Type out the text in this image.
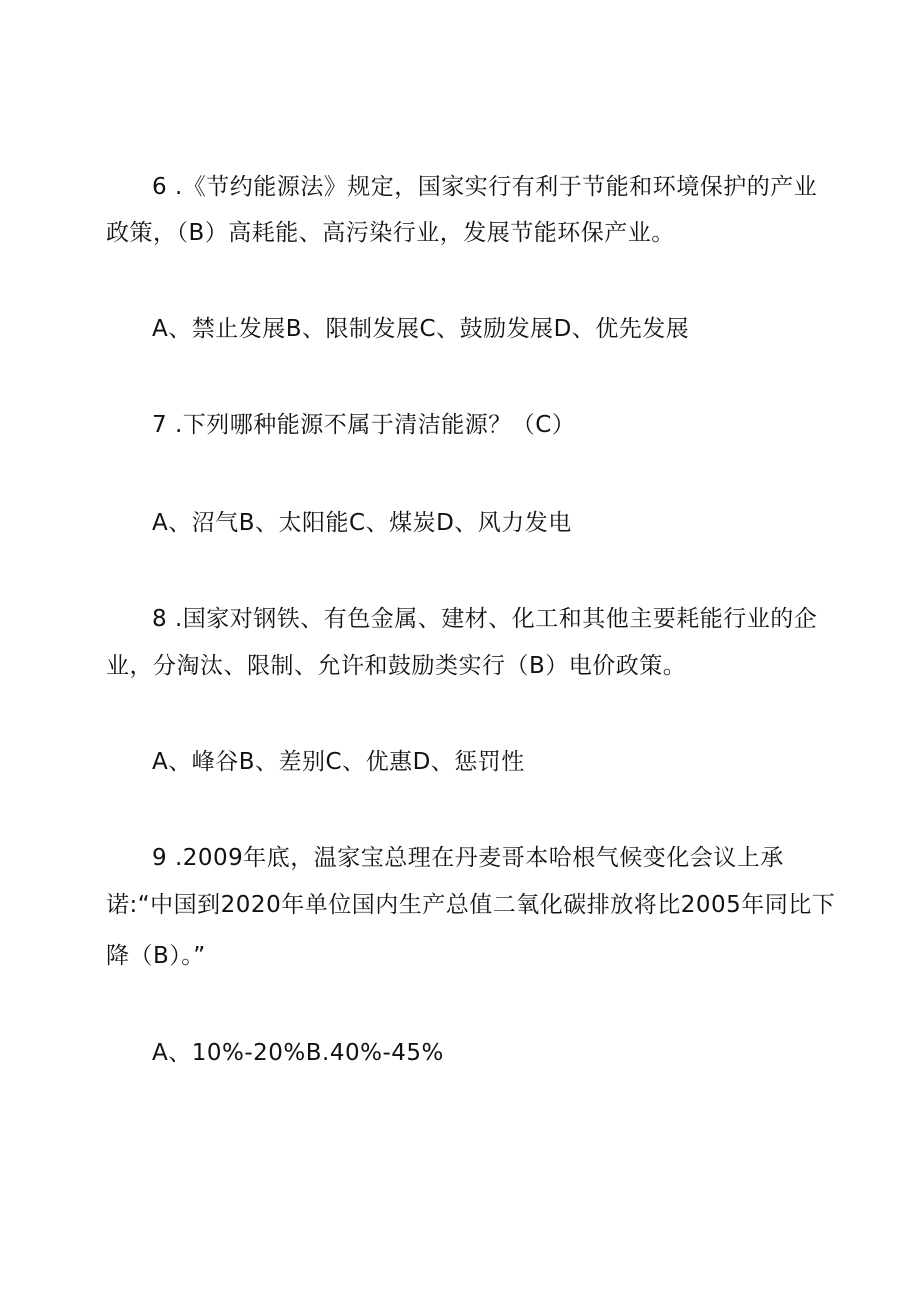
6 .《节约能源法》规定，国家实行有利于节能和环境保护的产业
政策，（B）高耗能、高污染行业，发展节能环保产业。
A、禁止发展B、限制发展C、鼓励发展D、优先发展
7 .下列哪种能源不属于清洁能源？（C）
A、沼气B、太阳能C、煤炭D、风力发电
8 .国家对钢铁、有色金属、建材、化工和其他主要耗能行业的企
业，分淘汰、限制、允许和鼓励类实行（B）电价政策。
A、峰谷B、差别C、优惠D、惩罚性
9 .2009年底，温家宝总理在丹麦哥本哈根气候变化会议上承
诺:“中国到2020年单位国内生产总值二氧化碳排放将比2005年同比下
降（B）。”
A、10%-20%B.40%-45%
